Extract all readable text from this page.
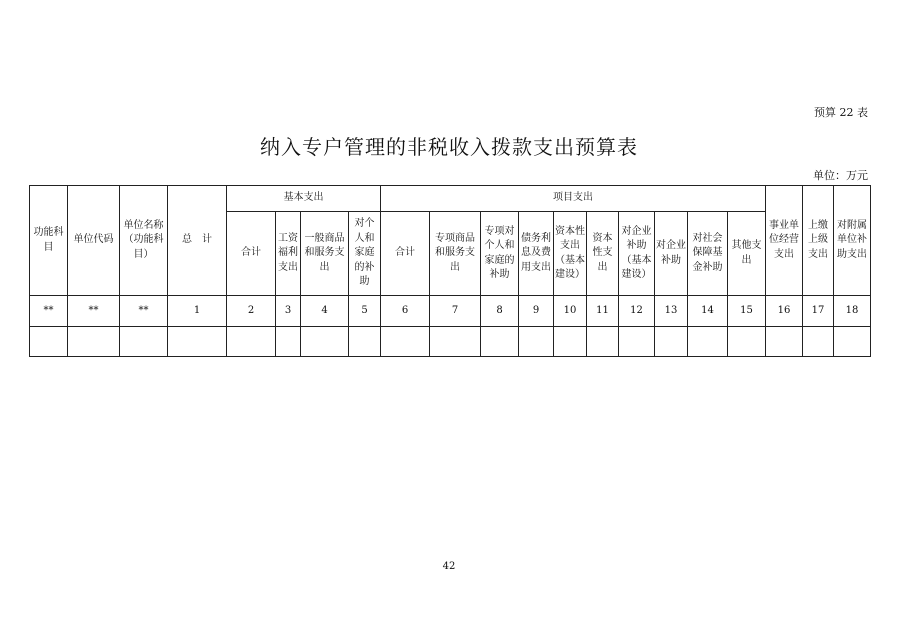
预算 22 表
纳入专户管理的非税收入拨款支出预算表
单位：万元
功能科目	单位代码	单位名称（功能科目）	总　计	基本支出				项目支出										事业单位经营支出	上缴上级支出	对附属单位补助支出
				合计	工资福利支出	一般商品和服务支出	对个人和家庭的补助	合计	专项商品和服务支出	专项对个人和家庭的补助	债务利息及费用支出	资本性支出（基本建设）	资本性支出	对企业补助（基本建设）	对企业补助	对社会保障基金补助	其他支出			
**	**	**	1	2	3	4	5	6	7	8	9	10	11	12	13	14	15	16	17	18

42
